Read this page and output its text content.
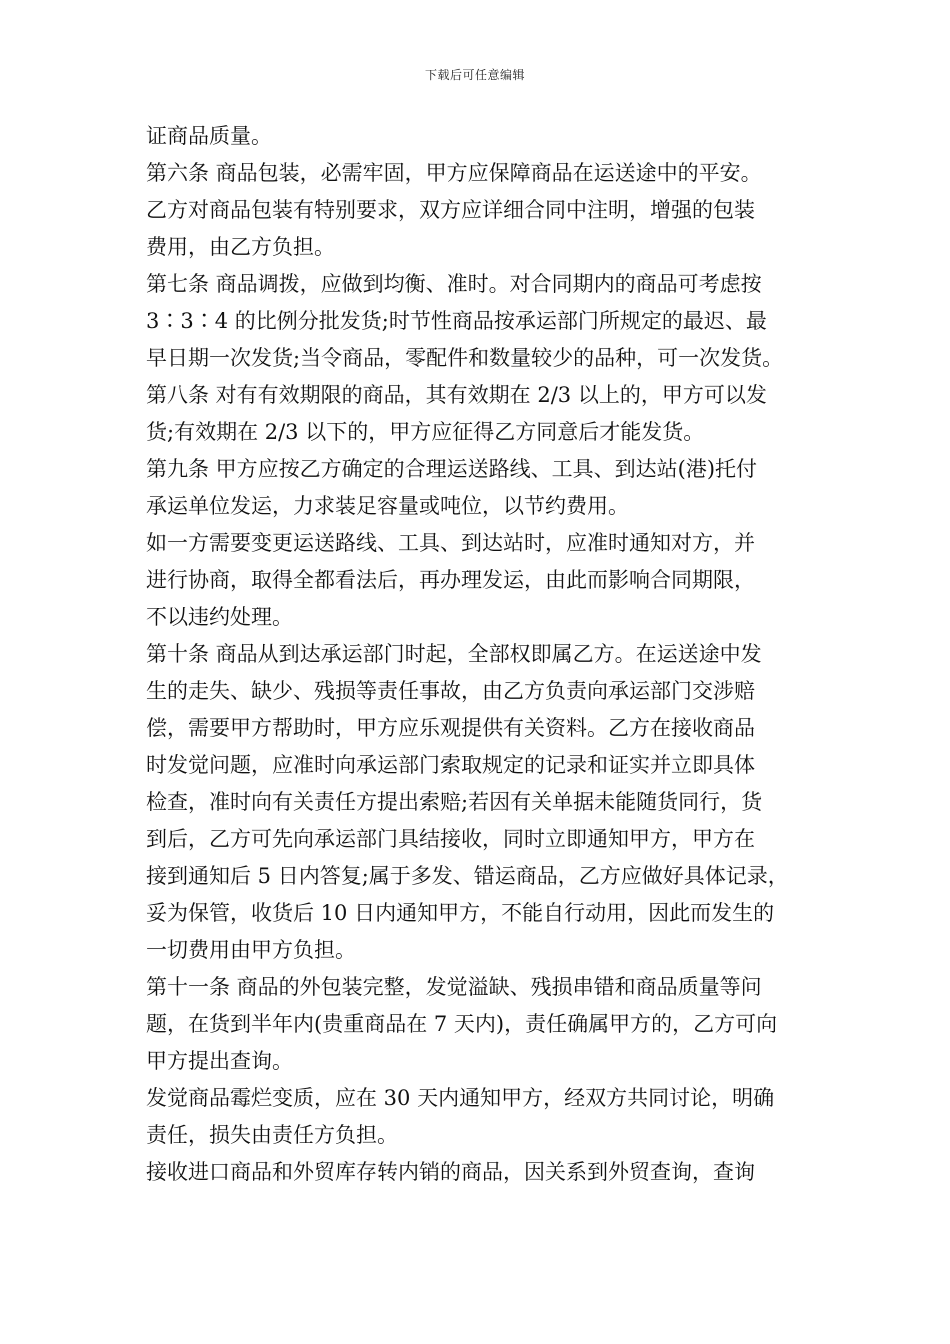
下载后可任意编辑
证商品质量。
第六条 商品包装，必需牢固，甲方应保障商品在运送途中的平安。
乙方对商品包装有特别要求，双方应详细合同中注明，增强的包装
费用，由乙方负担。
第七条 商品调拨，应做到均衡、准时。对合同期内的商品可考虑按
3∶3∶4 的比例分批发货;时节性商品按承运部门所规定的最迟、最
早日期一次发货;当令商品，零配件和数量较少的品种，可一次发货。
第八条 对有有效期限的商品，其有效期在 2/3 以上的，甲方可以发
货;有效期在 2/3 以下的，甲方应征得乙方同意后才能发货。
第九条 甲方应按乙方确定的合理运送路线、工具、到达站(港)托付
承运单位发运，力求装足容量或吨位，以节约费用。
如一方需要变更运送路线、工具、到达站时，应准时通知对方，并
进行协商，取得全都看法后，再办理发运，由此而影响合同期限，
不以违约处理。
第十条 商品从到达承运部门时起，全部权即属乙方。在运送途中发
生的走失、缺少、残损等责任事故，由乙方负责向承运部门交涉赔
偿，需要甲方帮助时，甲方应乐观提供有关资料。乙方在接收商品
时发觉问题，应准时向承运部门索取规定的记录和证实并立即具体
检查，准时向有关责任方提出索赔;若因有关单据未能随货同行，货
到后，乙方可先向承运部门具结接收，同时立即通知甲方，甲方在
接到通知后 5 日内答复;属于多发、错运商品，乙方应做好具体记录，
妥为保管，收货后 10 日内通知甲方，不能自行动用，因此而发生的
一切费用由甲方负担。
第十一条 商品的外包装完整，发觉溢缺、残损串错和商品质量等问
题，在货到半年内(贵重商品在 7 天内)，责任确属甲方的，乙方可向
甲方提出查询。
发觉商品霉烂变质，应在 30 天内通知甲方，经双方共同讨论，明确
责任，损失由责任方负担。
接收进口商品和外贸库存转内销的商品，因关系到外贸查询，查询
